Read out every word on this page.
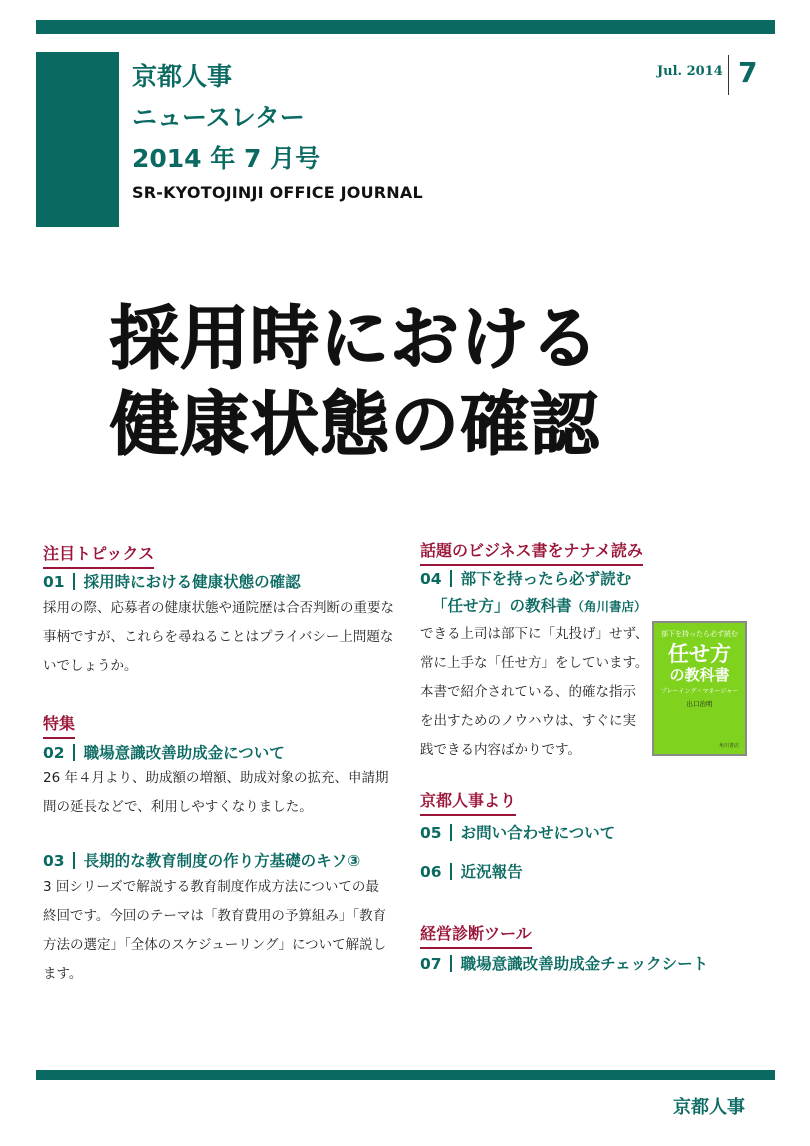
京都人事
ニュースレター
2014 年 7 月号
SR-KYOTOJINJI OFFICE JOURNAL
Jul. 2014 7
採用時における
健康状態の確認
注目トピックス
01 採用時における健康状態の確認
採用の際、応募者の健康状態や通院歴は合否判断の重要な
事柄ですが、これらを尋ねることはプライバシー上問題な
いでしょうか。
特集
02 職場意識改善助成金について
26 年４月より、助成額の増額、助成対象の拡充、申請期
間の延長などで、利用しやすくなりました。
03 長期的な教育制度の作り方基礎のキソ③
3 回シリーズで解説する教育制度作成方法についての最
終回です。今回のテーマは「教育費用の予算組み」「教育
方法の選定」「全体のスケジューリング」について解説し
ます。
話題のビジネス書をナナメ読み
04 部下を持ったら必ず読む
「任せ方」の教科書（角川書店）
できる上司は部下に「丸投げ」せず、
常に上手な「任せ方」をしています。
本書で紹介されている、的確な指示
を出すためのノウハウは、すぐに実
践できる内容ばかりです。
部下を持ったら必ず読む
任せ方
の教科書
プレーイング・マネージャー
出口治明
角川書店
京都人事より
05 お問い合わせについて
06 近況報告
経営診断ツール
07 職場意識改善助成金チェックシート
京都人事
